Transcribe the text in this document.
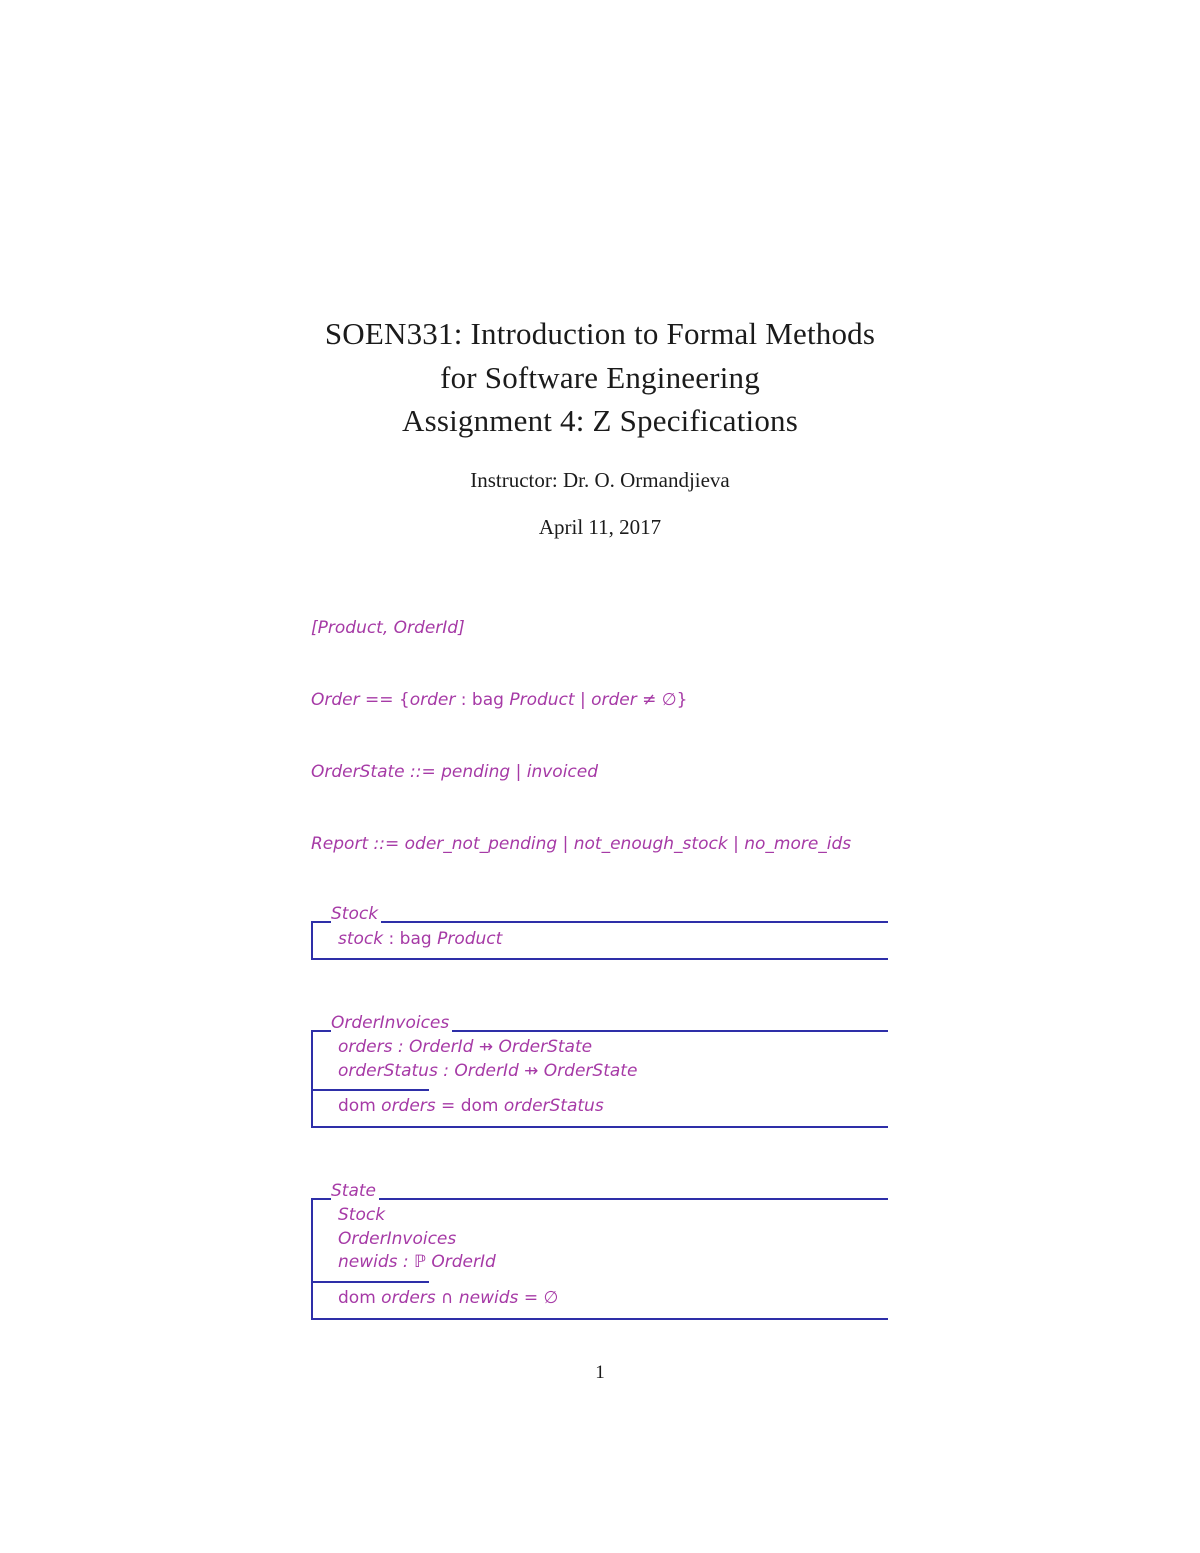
SOEN331: Introduction to Formal Methods
for Software Engineering
Assignment 4: Z Specifications
Instructor: Dr. O. Ormandjieva
April 11, 2017
[Product, OrderId]
Order == {order : bag Product | order ≠ ∅}
OrderState ::= pending | invoiced
Report ::= oder_not_pending | not_enough_stock | no_more_ids
Stock
stock : bag Product
OrderInvoices
orders : OrderId ⇸ OrderState
orderStatus : OrderId ⇸ OrderState
dom orders = dom orderStatus
State
Stock
OrderInvoices
newids : ℙ OrderId
dom orders ∩ newids = ∅
1
